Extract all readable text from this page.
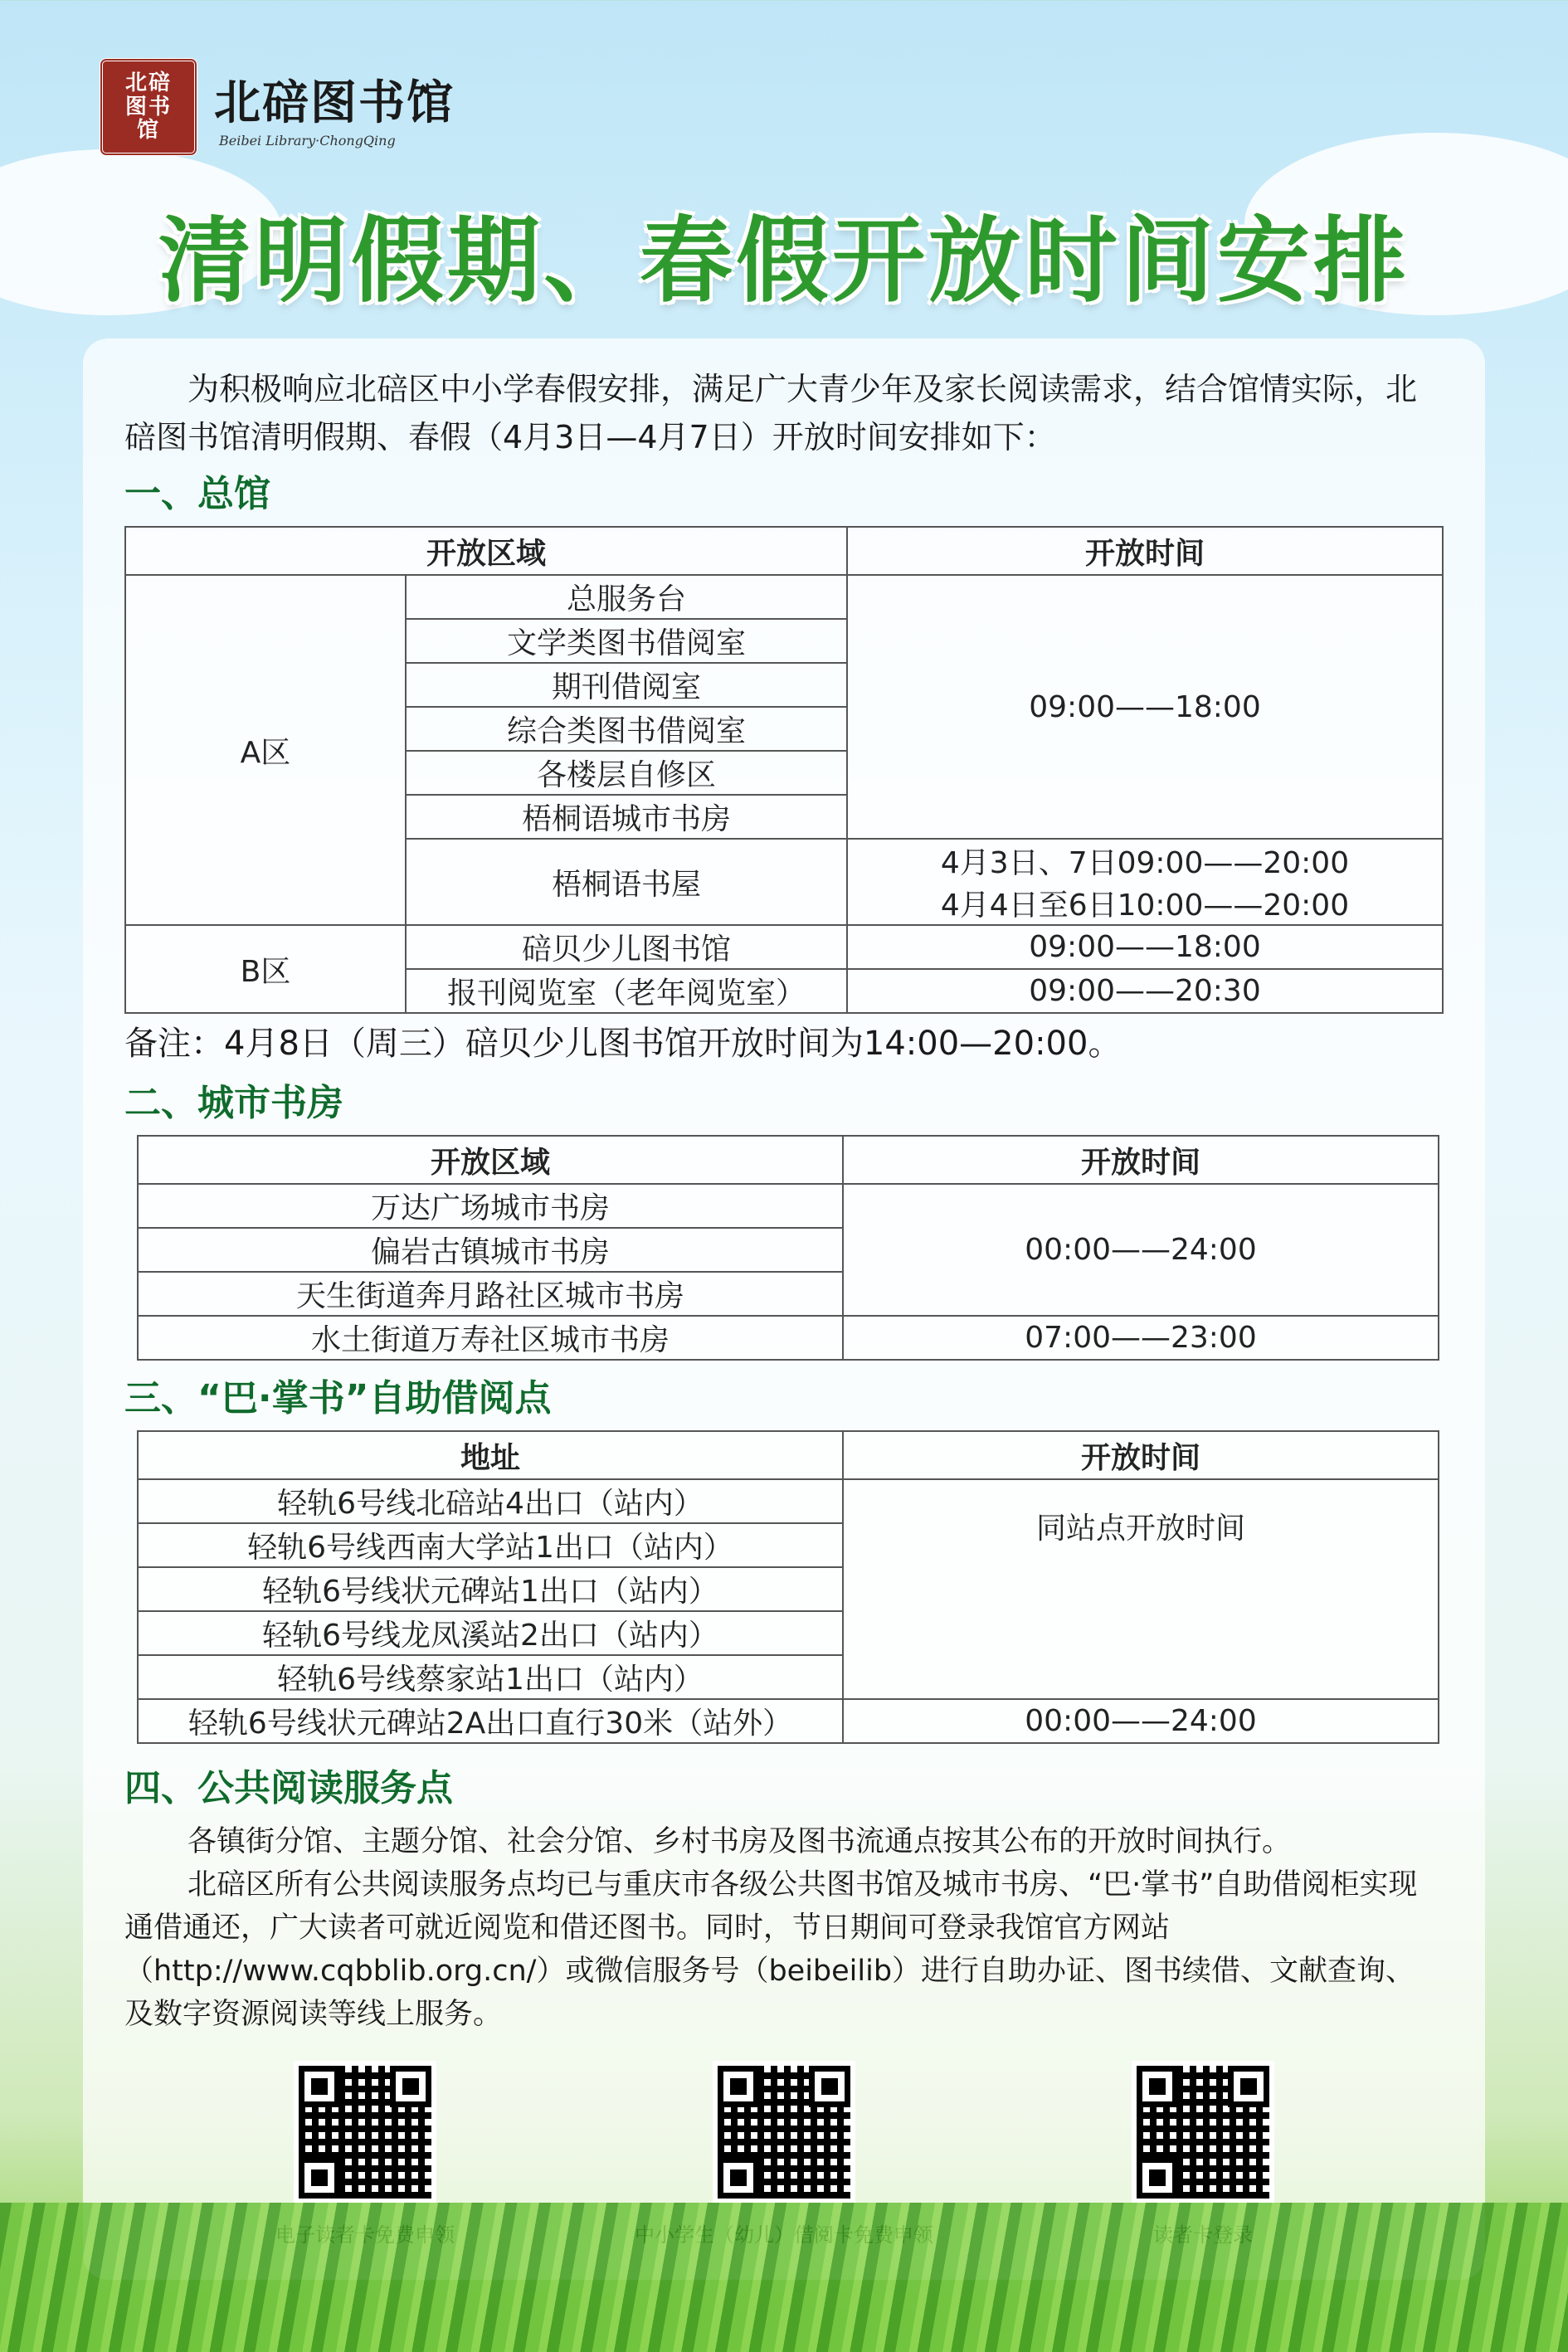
北碚图书馆
北碚图书馆
Beibei Library·ChongQing
清明假期、春假开放时间安排

为积极响应北碚区中小学春假安排，满足广大青少年及家长阅读需求，结合馆情实际，北碚图书馆清明假期、春假（4月3日—4月7日）开放时间安排如下：

一、总馆
开放区域		开放时间
A区	总服务台	09:00——18:00
	文学类图书借阅室	
	期刊借阅室	
	综合类图书借阅室	
	各楼层自修区	
	梧桐语城市书房	
	梧桐语书屋	4月3日、7日09:00——20:00
		4月4日至6日10:00——20:00
B区	碚贝少儿图书馆	09:00——18:00
	报刊阅览室（老年阅览室）	09:00——20:30
备注：4月8日（周三）碚贝少儿图书馆开放时间为14:00—20:00。
二、城市书房
开放区域	开放时间
万达广场城市书房	00:00——24:00
偏岩古镇城市书房	
天生街道奔月路社区城市书房	
水土街道万寿社区城市书房	07:00——23:00
三、“巴·掌书”自助借阅点
地址	开放时间
轻轨6号线北碚站4出口（站内）	同站点开放时间
轻轨6号线西南大学站1出口（站内）	
轻轨6号线状元碑站1出口（站内）	
轻轨6号线龙凤溪站2出口（站内）	
轻轨6号线蔡家站1出口（站内）	
轻轨6号线状元碑站2A出口直行30米（站外）	00:00——24:00
四、公共阅读服务点

各镇街分馆、主题分馆、社会分馆、乡村书房及图书流通点按其公布的开放时间执行。

北碚区所有公共阅读服务点均已与重庆市各级公共图书馆及城市书房、“巴·掌书”自助借阅柜实现通借通还，广大读者可就近阅览和借还图书。同时，节日期间可登录我馆官方网站（http://www.cqbblib.org.cn/）或微信服务号（beibeilib）进行自助办证、图书续借、文献查询、及数字资源阅读等线上服务。
